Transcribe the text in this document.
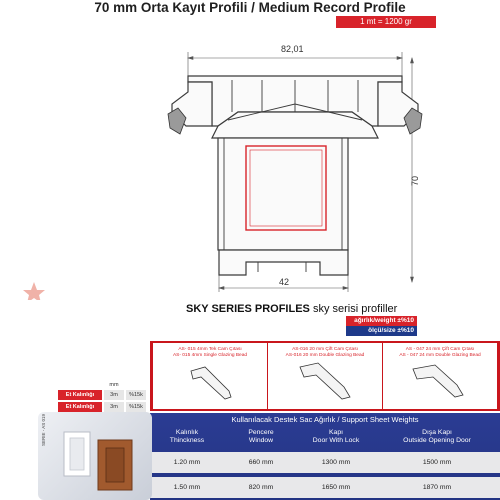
70 mm Orta Kayıt Profili / Medium Record Profile
1 mt = 1200 gr
82,01
70
42
SKY SERIES PROFILES sky serisi profiller
ağırlık/weight ±%10
ölçü/size ±%10
AS- 015 4mm Tek Cam Çıtası
AS- 015 4mm Single Glazing Bead
AS-016 20 mm Çift Cam Çıtası
AS-016 20 mm Double Glazing Bead
AS - 047 24 mm Çift Cam Çıtası
AS - 047 24 mm Double Glazing Bead
mm
Et Kalınlığı	3m	%15k
Et Kalınlığı	3m	%15k
Kullanılacak Destek Sac Ağırlık / Support Sheet Weights
Kalınlık
Thinckness
Pencere
Window
Kapı
Door With Lock
Dışa Kapı
Outside Opening Door
1.20 mm	660 mm	1300 mm	1500 mm
1.50 mm	820 mm	1650 mm	1870 mm
SERIE - AS 019
